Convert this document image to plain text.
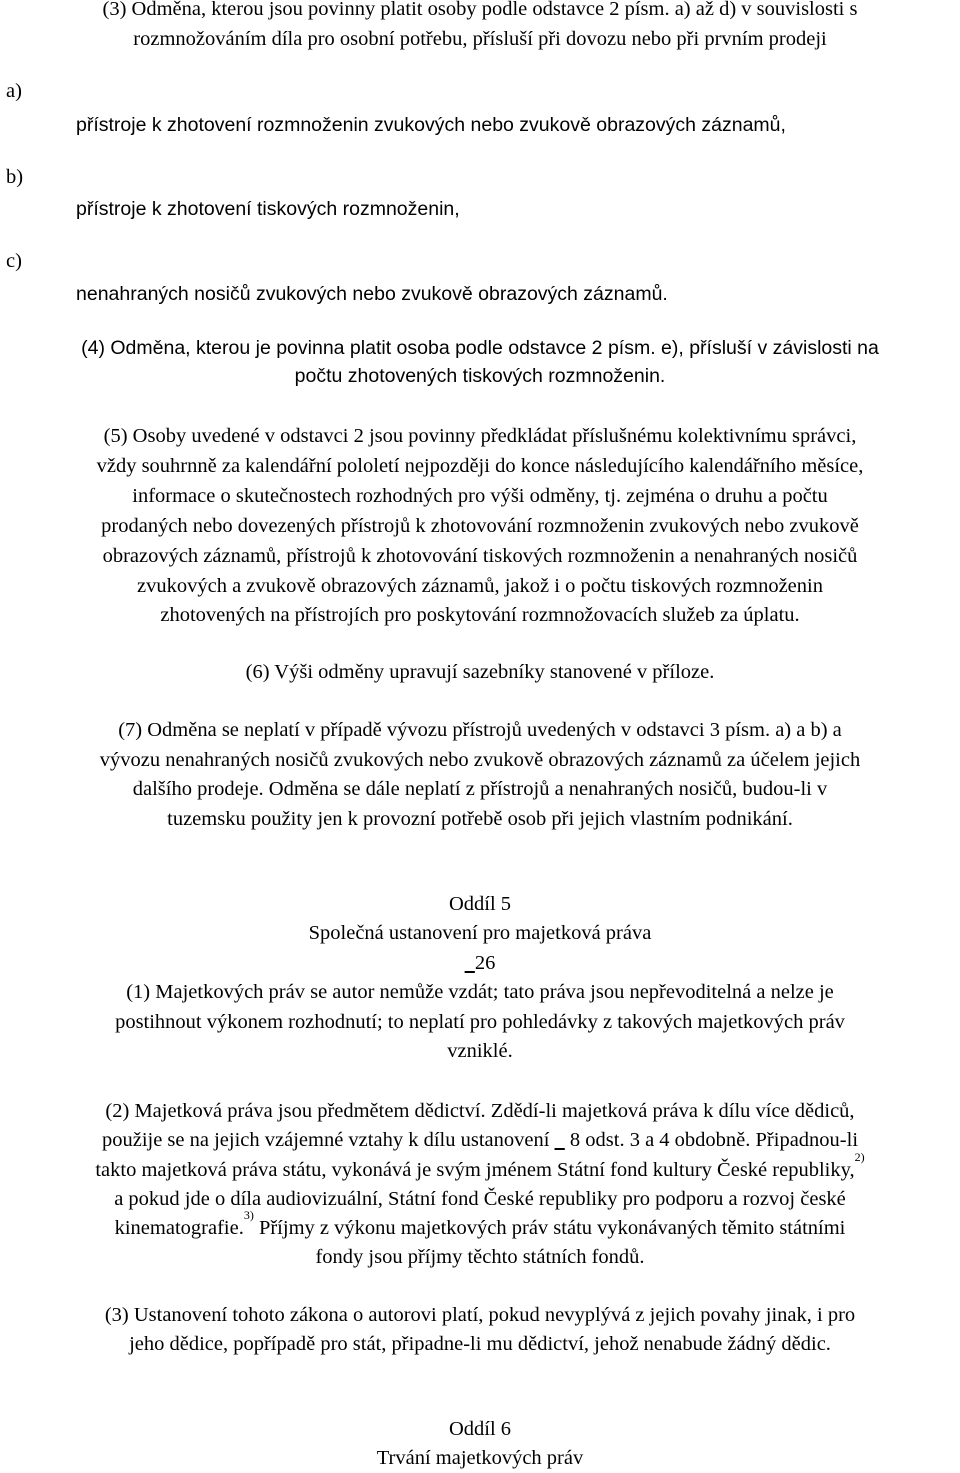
(3) Odměna, kterou jsou povinny platit osoby podle odstavce 2 písm. a) až d) v souvislosti s
rozmnožováním díla pro osobní potřebu, přísluší při dovozu nebo při prvním prodeji
a)
přístroje k zhotovení rozmnoženin zvukových nebo zvukově obrazových záznamů,
b)
přístroje k zhotovení tiskových rozmnoženin,
c)
nenahraných nosičů zvukových nebo zvukově obrazových záznamů.
(4) Odměna, kterou je povinna platit osoba podle odstavce 2 písm. e), přísluší v závislosti na
počtu zhotovených tiskových rozmnoženin.
(5) Osoby uvedené v odstavci 2 jsou povinny předkládat příslušnému kolektivnímu správci,
vždy souhrnně za kalendářní pololetí nejpozději do konce následujícího kalendářního měsíce,
informace o skutečnostech rozhodných pro výši odměny, tj. zejména o druhu a počtu
prodaných nebo dovezených přístrojů k zhotovování rozmnoženin zvukových nebo zvukově
obrazových záznamů, přístrojů k zhotovování tiskových rozmnoženin a nenahraných nosičů
zvukových a zvukově obrazových záznamů, jakož i o počtu tiskových rozmnoženin
zhotovených na přístrojích pro poskytování rozmnožovacích služeb za úplatu.
(6) Výši odměny upravují sazebníky stanovené v příloze.
(7) Odměna se neplatí v případě vývozu přístrojů uvedených v odstavci 3 písm. a) a b) a
vývozu nenahraných nosičů zvukových nebo zvukově obrazových záznamů za účelem jejich
dalšího prodeje. Odměna se dále neplatí z přístrojů a nenahraných nosičů, budou-li v
tuzemsku použity jen k provozní potřebě osob při jejich vlastním podnikání.
Oddíl 5
Společná ustanovení pro majetková práva
26
(1) Majetkových práv se autor nemůže vzdát; tato práva jsou nepřevoditelná a nelze je
postihnout výkonem rozhodnutí; to neplatí pro pohledávky z takových majetkových práv
vzniklé.
(2) Majetková práva jsou předmětem dědictví. Zdědí-li majetková práva k dílu více dědiců,
použije se na jejich vzájemné vztahy k dílu ustanovení 8 odst. 3 a 4 obdobně. Připadnou-li
takto majetková práva státu, vykonává je svým jménem Státní fond kultury České republiky,$^{2)}$
a pokud jde o díla audiovizuální, Státní fond České republiky pro podporu a rozvoj české
kinematografie.$^{3)}$ Příjmy z výkonu majetkových práv státu vykonávaných těmito státními
fondy jsou příjmy těchto státních fondů.
(3) Ustanovení tohoto zákona o autorovi platí, pokud nevyplývá z jejich povahy jinak, i pro
jeho dědice, popřípadě pro stát, připadne-li mu dědictví, jehož nenabude žádný dědic.
Oddíl 6
Trvání majetkových práv
